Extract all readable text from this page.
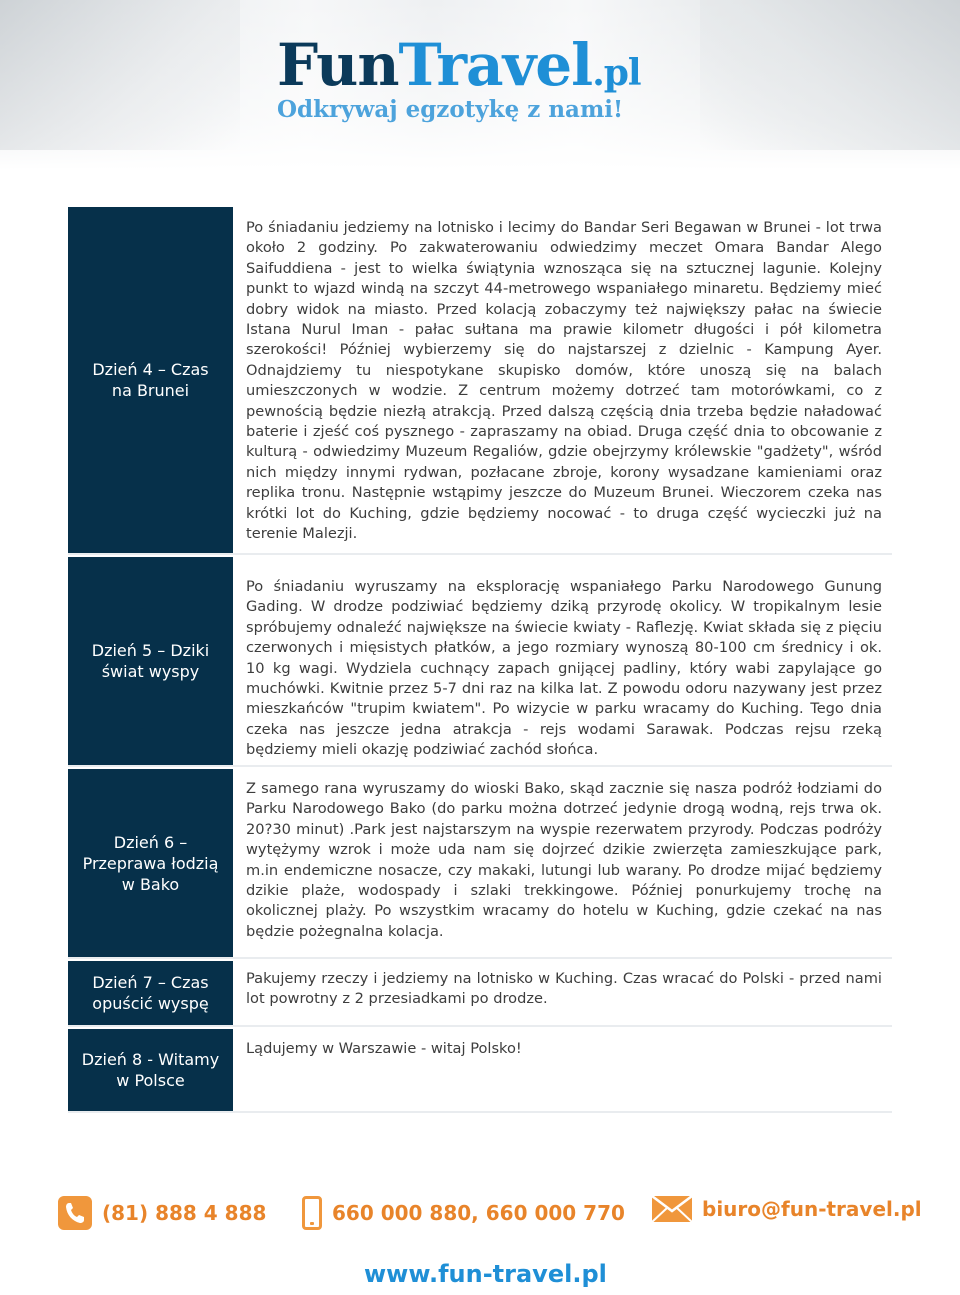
FunTravel.pl
Odkrywaj egzotykę z nami!
Dzień 4 – Czas na Brunei
Po śniadaniu jedziemy na lotnisko i lecimy do Bandar Seri Begawan w Brunei - lot trwa około 2 godziny. Po zakwaterowaniu odwiedzimy meczet Omara Bandar Alego Saifuddiena - jest to wielka świątynia wznosząca się na sztucznej lagunie. Kolejny punkt to wjazd windą na szczyt 44-metrowego wspaniałego minaretu. Będziemy mieć dobry widok na miasto. Przed kolacją zobaczymy też największy pałac na świecie Istana Nurul Iman - pałac sułtana ma prawie kilometr długości i pół kilometra szerokości! Później wybierzemy się do najstarszej z dzielnic - Kampung Ayer. Odnajdziemy tu niespotykane skupisko domów, które unoszą się na balach umieszczonych w wodzie. Z centrum możemy dotrzeć tam motorówkami, co z pewnością będzie niezłą atrakcją. Przed dalszą częścią dnia trzeba będzie naładować baterie i zjeść coś pysznego - zapraszamy na obiad. Druga część dnia to obcowanie z kulturą - odwiedzimy Muzeum Regaliów, gdzie obejrzymy królewskie "gadżety", wśród nich między innymi rydwan, pozłacane zbroje, korony wysadzane kamieniami oraz replika tronu. Następnie wstąpimy jeszcze do Muzeum Brunei. Wieczorem czeka nas krótki lot do Kuching, gdzie będziemy nocować - to druga część wycieczki już na terenie Malezji.
Dzień 5 – Dziki świat wyspy
Po śniadaniu wyruszamy na eksplorację wspaniałego Parku Narodowego Gunung Gading. W drodze podziwiać będziemy dziką przyrodę okolicy. W tropikalnym lesie spróbujemy odnaleźć największe na świecie kwiaty - Raflezję. Kwiat składa się z pięciu czerwonych i mięsistych płatków, a jego rozmiary wynoszą 80-100 cm średnicy i ok. 10 kg wagi. Wydziela cuchnący zapach gnijącej padliny, który wabi zapylające go muchówki. Kwitnie przez 5-7 dni raz na kilka lat. Z powodu odoru nazywany jest przez mieszkańców "trupim kwiatem". Po wizycie w parku wracamy do Kuching. Tego dnia czeka nas jeszcze jedna atrakcja - rejs wodami Sarawak. Podczas rejsu rzeką będziemy mieli okazję podziwiać zachód słońca.
Dzień 6 – Przeprawa łodzią w Bako
Z samego rana wyruszamy do wioski Bako, skąd zacznie się nasza podróż łodziami do Parku Narodowego Bako (do parku można dotrzeć jedynie drogą wodną, rejs trwa ok. 20?30 minut) .Park jest najstarszym na wyspie rezerwatem przyrody. Podczas podróży wytężymy wzrok i może uda nam się dojrzeć dzikie zwierzęta zamieszkujące park, m.in endemiczne nosacze, czy makaki, lutungi lub warany. Po drodze mijać będziemy dzikie plaże, wodospady i szlaki trekkingowe. Później ponurkujemy trochę na okolicznej plaży. Po wszystkim wracamy do hotelu w Kuching, gdzie czekać na nas będzie pożegnalna kolacja.
Dzień 7 – Czas opuścić wyspę
Pakujemy rzeczy i jedziemy na lotnisko w Kuching. Czas wracać do Polski - przed nami lot powrotny z 2 przesiadkami po drodze.
Dzień 8 - Witamy w Polsce
Lądujemy w Warszawie - witaj Polsko!
(81) 888 4 888	660 000 880, 660 000 770	biuro@fun-travel.pl
www.fun-travel.pl
